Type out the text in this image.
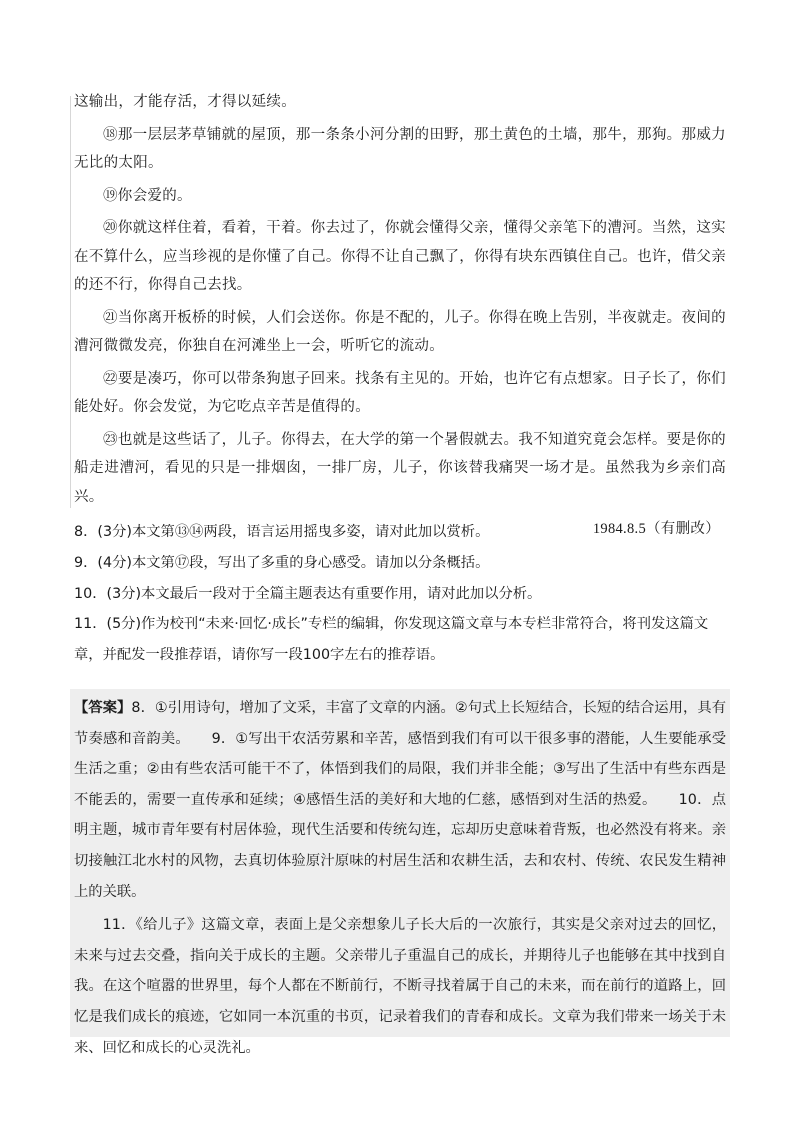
这输出，才能存活，才得以延续。

⑱那一层层茅草铺就的屋顶，那一条条小河分割的田野，那土黄色的土墙，那牛，那狗。那威力无比的太阳。

⑲你会爱的。

⑳你就这样住着，看着，干着。你去过了，你就会懂得父亲，懂得父亲笔下的漕河。当然，这实在不算什么，应当珍视的是你懂了自己。你得不让自己飘了，你得有块东西镇住自己。也许，借父亲的还不行，你得自己去找。

㉑当你离开板桥的时候，人们会送你。你是不配的，儿子。你得在晚上告别，半夜就走。夜间的漕河微微发亮，你独自在河滩坐上一会，听听它的流动。

㉒要是凑巧，你可以带条狗崽子回来。找条有主见的。开始，也许它有点想家。日子长了，你们能处好。你会发觉，为它吃点辛苦是值得的。

㉓也就是这些话了，儿子。你得去，在大学的第一个暑假就去。我不知道究竟会怎样。要是你的船走进漕河，看见的只是一排烟囱，一排厂房，儿子，你该替我痛哭一场才是。虽然我为乡亲们高兴。

1984.8.5（有删改）

8．(3分)本文第⑬⑭两段，语言运用摇曳多姿，请对此加以赏析。

9．(4分)本文第⑰段，写出了多重的身心感受。请加以分条概括。

10．(3分)本文最后一段对于全篇主题表达有重要作用，请对此加以分析。

11．(5分)作为校刊“未来·回忆·成长”专栏的编辑，你发现这篇文章与本专栏非常符合，将刊发这篇文章，并配发一段推荐语，请你写一段100字左右的推荐语。

【答案】8．①引用诗句，增加了文采，丰富了文章的内涵。②句式上长短结合，长短的结合运用，具有节奏感和音韵美。　　9．①写出干农活劳累和辛苦，感悟到我们有可以干很多事的潜能，人生要能承受生活之重；②由有些农活可能干不了，体悟到我们的局限，我们并非全能；③写出了生活中有些东西是不能丢的，需要一直传承和延续；④感悟生活的美好和大地的仁慈，感悟到对生活的热爱。　　10．点明主题，城市青年要有村居体验，现代生活要和传统勾连，忘却历史意味着背叛，也必然没有将来。亲切接触江北水村的风物，去真切体验原汁原味的村居生活和农耕生活，去和农村、传统、农民发生精神上的关联。

11．《给儿子》这篇文章，表面上是父亲想象儿子长大后的一次旅行，其实是父亲对过去的回忆，未来与过去交叠，指向关于成长的主题。父亲带儿子重温自己的成长，并期待儿子也能够在其中找到自我。在这个喧嚣的世界里，每个人都在不断前行，不断寻找着属于自己的未来，而在前行的道路上，回忆是我们成长的痕迹，它如同一本沉重的书页，记录着我们的青春和成长。文章为我们带来一场关于未来、回忆和成长的心灵洗礼。
